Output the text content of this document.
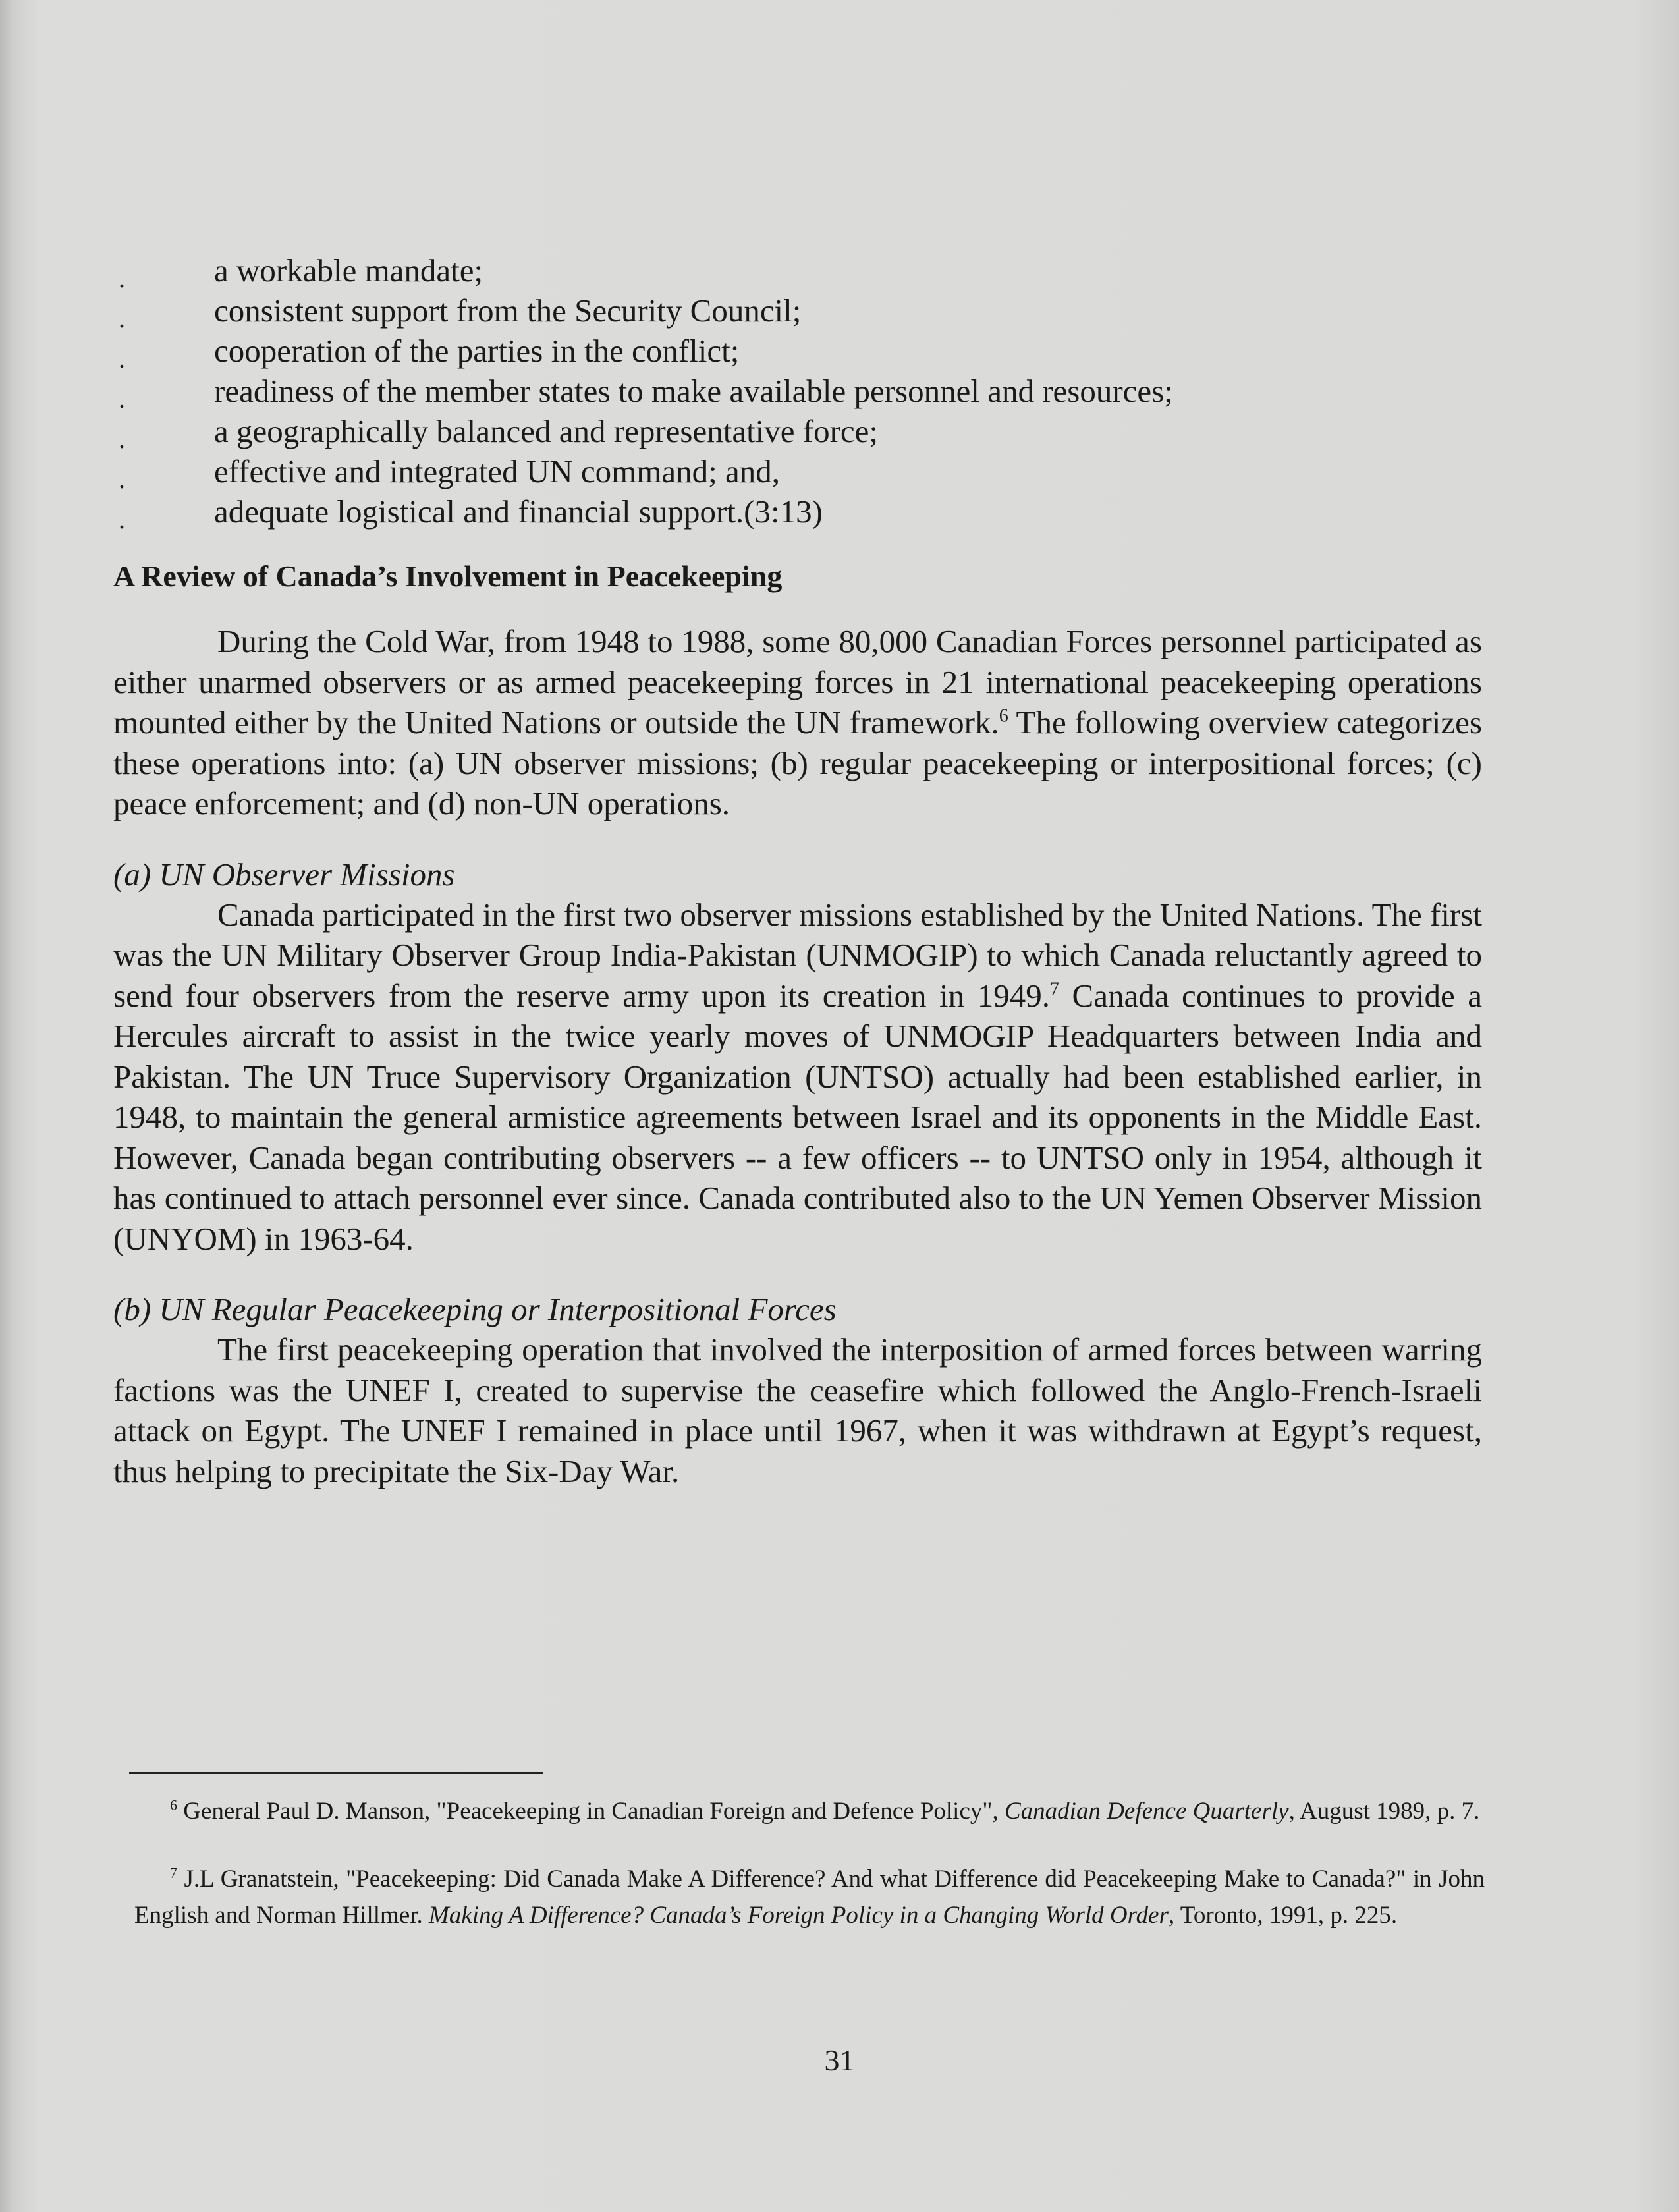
.	a workable mandate;
.	consistent support from the Security Council;
.	cooperation of the parties in the conflict;
.	readiness of the member states to make available personnel and resources;
.	a geographically balanced and representative force;
.	effective and integrated UN command; and,
.	adequate logistical and financial support.(3:13)
A Review of Canada’s Involvement in Peacekeeping

During the Cold War, from 1948 to 1988, some 80,000 Canadian Forces personnel participated as either unarmed observers or as armed peacekeeping forces in 21 international peacekeeping operations mounted either by the United Nations or outside the UN framework.$^6$ The following overview categorizes these operations into: (a) UN observer missions; (b) regular peacekeeping or interpositional forces; (c) peace enforcement; and (d) non-UN operations.

(a) UN Observer Missions

Canada participated in the first two observer missions established by the United Nations. The first was the UN Military Observer Group India-Pakistan (UNMOGIP) to which Canada reluctantly agreed to send four observers from the reserve army upon its creation in 1949.$^7$ Canada continues to provide a Hercules aircraft to assist in the twice yearly moves of UNMOGIP Headquarters between India and Pakistan. The UN Truce Supervisory Organization (UNTSO) actually had been established earlier, in 1948, to maintain the general armistice agreements between Israel and its opponents in the Middle East. However, Canada began contributing observers -- a few officers -- to UNTSO only in 1954, although it has continued to attach personnel ever since. Canada contributed also to the UN Yemen Observer Mission (UNYOM) in 1963-64.

(b) UN Regular Peacekeeping or Interpositional Forces

The first peacekeeping operation that involved the interposition of armed forces between warring factions was the UNEF I, created to supervise the ceasefire which followed the Anglo-French-Israeli attack on Egypt. The UNEF I remained in place until 1967, when it was withdrawn at Egypt’s request, thus helping to precipitate the Six-Day War.

$^6$ General Paul D. Manson, "Peacekeeping in Canadian Foreign and Defence Policy", Canadian Defence Quarterly, August 1989, p. 7.

$^7$ J.L Granatstein, "Peacekeeping: Did Canada Make A Difference? And what Difference did Peacekeeping Make to Canada?" in John English and Norman Hillmer. Making A Difference? Canada’s Foreign Policy in a Changing World Order, Toronto, 1991, p. 225.

31
